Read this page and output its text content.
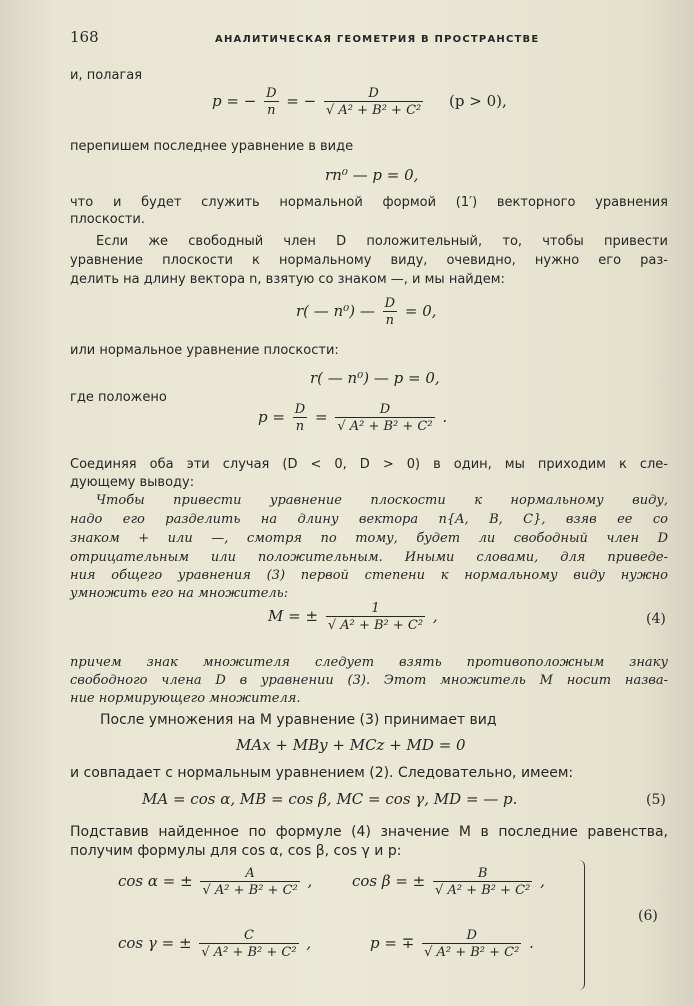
168	АНАЛИТИЧЕСКАЯ ГЕОМЕТРИЯ В ПРОСТРАНСТВЕ
и, полагая
p = − $\frac{D}{n}$ = − $\frac{D}{\text{√ A² + B² + C²}} (p > 0)$,
перепишем последнее уравнение в виде
rn⁰ — p = 0,
что и будет служить нормальной формой (1′) векторного уравнения
плоскости.
Если же свободный член D положительный, то, чтобы привести
уравнение плоскости к нормальному виду, очевидно, нужно его раз-
делить на длину вектора n, взятую со знаком —, и мы найдем:
r( — n⁰) — $\frac{D}{n} = 0$,
или нормальное уравнение плоскости:
r( — n⁰) — p = 0,
где положено
$p = \frac{D}{n} = \frac{D}{\text{√ A² + B² + C²}}$ .
Соединяя оба эти случая (D < 0, D > 0) в один, мы приходим к сле-
дующему выводу:
Чтобы привести уравнение плоскости к нормальному виду,
надо его разделить на длину вектора n{A, B, C}, взяв ее со
знаком + или —, смотря по тому, будет ли свободный член D
отрицательным или положительным. Иными словами, для приведе-
ния общего уравнения (3) первой степени к нормальному виду нужно
умножить его на множитель:
M = ± $\frac{1}{\text{√ A² + B² + C²}}$ ,	(4)
причем знак множителя следует взять противоположным знаку
свободного члена D в уравнении (3). Этот множитель M носит назва-
ние нормирующего множителя.
После умножения на M уравнение (3) принимает вид
MAx + MBy + MCz + MD = 0
и совпадает с нормальным уравнением (2). Следовательно, имеем:
MA = cos α, MB = cos β, MC = cos γ, MD = — p.	(5)
Подставив найденное по формуле (4) значение M в последние равенства,
получим формулы для cos α, cos β, cos γ и p:
cos α = ± $\frac{A}{\text{√ A² + B² + C²}}$ ,	cos β = ± $\frac{B}{\text{√ A² + B² + C²}}$ ,
cos γ = ± $\frac{C}{\text{√ A² + B² + C²}}$ ,	p = ∓ $\frac{D}{\text{√ A² + B² + C²}}$ .
(6)
